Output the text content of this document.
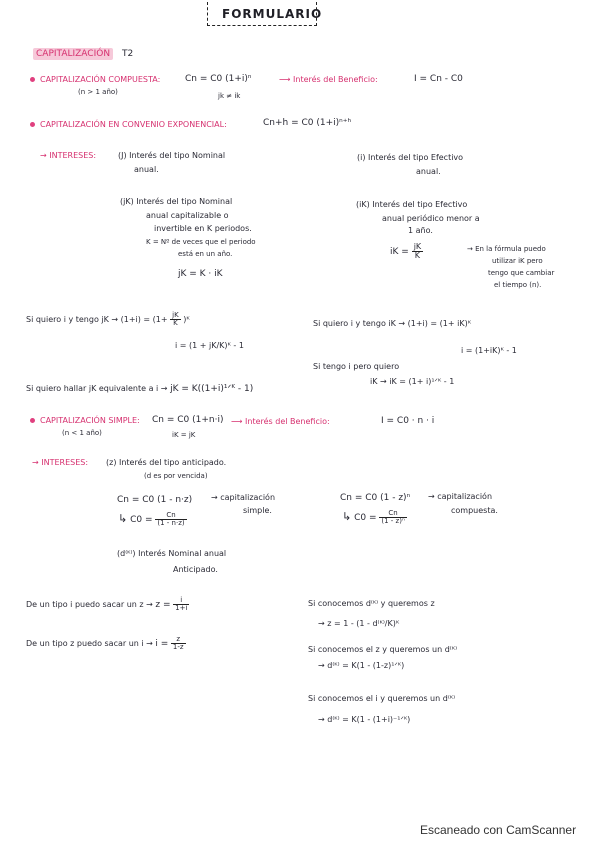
FORMULARIO
CAPITALIZACIÓN T2
CAPITALIZACIÓN COMPUESTA:	Cn = C0 (1+i)ⁿ
(n > 1 año)	jk ≠ ik
⟶ Interés del Beneficio:	I = Cn - C0
CAPITALIZACIÓN EN CONVENIO EXPONENCIAL:	Cn+h = C0 (1+i)ⁿ⁺ʰ
→ INTERESES:	(J) Interés del tipo Nominal
anual.
(i) Interés del tipo Efectivo
anual.
(jK) Interés del tipo Nominal
anual capitalizable o
invertible en K periodos.
K = Nº de veces que el periodo
está en un año.
jK = K · iK
(iK) Interés del tipo Efectivo
anual periódico menor a
1 año.
iK = $\frac{jK}{K}$	→ En la fórmula puedo
utilizar iK pero
tengo que cambiar
el tiempo (n).
Si quiero i y tengo jK → $(1+i) = (1+ \frac{jK}{K}$ )ᴷ
i = (1 + jK/K)ᴷ - 1
Si quiero i y tengo iK → (1+i) = (1+ iK)ᴷ
i = (1+iK)ᴷ - 1
Si tengo i pero quiero
iK → iK = (1+ i)¹ᐟᴷ - 1
Si quiero hallar jK equivalente a i → jK = K((1+i)¹ᐟᴷ - 1)
CAPITALIZACIÓN SIMPLE: Cn = C0 (1+n·i)
(n < 1 año)	iK = jK
⟶ Interés del Beneficio:	I = C0 · n · i
→ INTERESES: (z) Interés del tipo anticipado.
(d es por vencida)
Cn = C0 (1 - n·z) → capitalización
simple.
↳ $C0 = \frac{Cn}{(1 - n\cdot z)}$
Cn = C0 (1 - z)ⁿ → capitalización
compuesta.
↳ $C0 = \frac{Cn}{\text{(1 - z)ⁿ}}$
(d⁽ᴷ⁾) Interés Nominal anual
Anticipado.
De un tipo i puedo sacar un $z \to z = \frac{i}{1+i}$
De un tipo z puedo sacar un $i \to i = \frac{z}{1-z}$
Si conocemos d⁽ᴷ⁾ y queremos z
→ z = 1 - (1 - d⁽ᴷ⁾/K)ᴷ
Si conocemos el z y queremos un d⁽ᴷ⁾
→ d⁽ᴷ⁾ = K(1 - (1-z)¹ᐟᴷ)
Si conocemos el i y queremos un d⁽ᴷ⁾
→ d⁽ᴷ⁾ = K(1 - (1+i)⁻¹ᐟᴷ)
Escaneado con CamScanner
